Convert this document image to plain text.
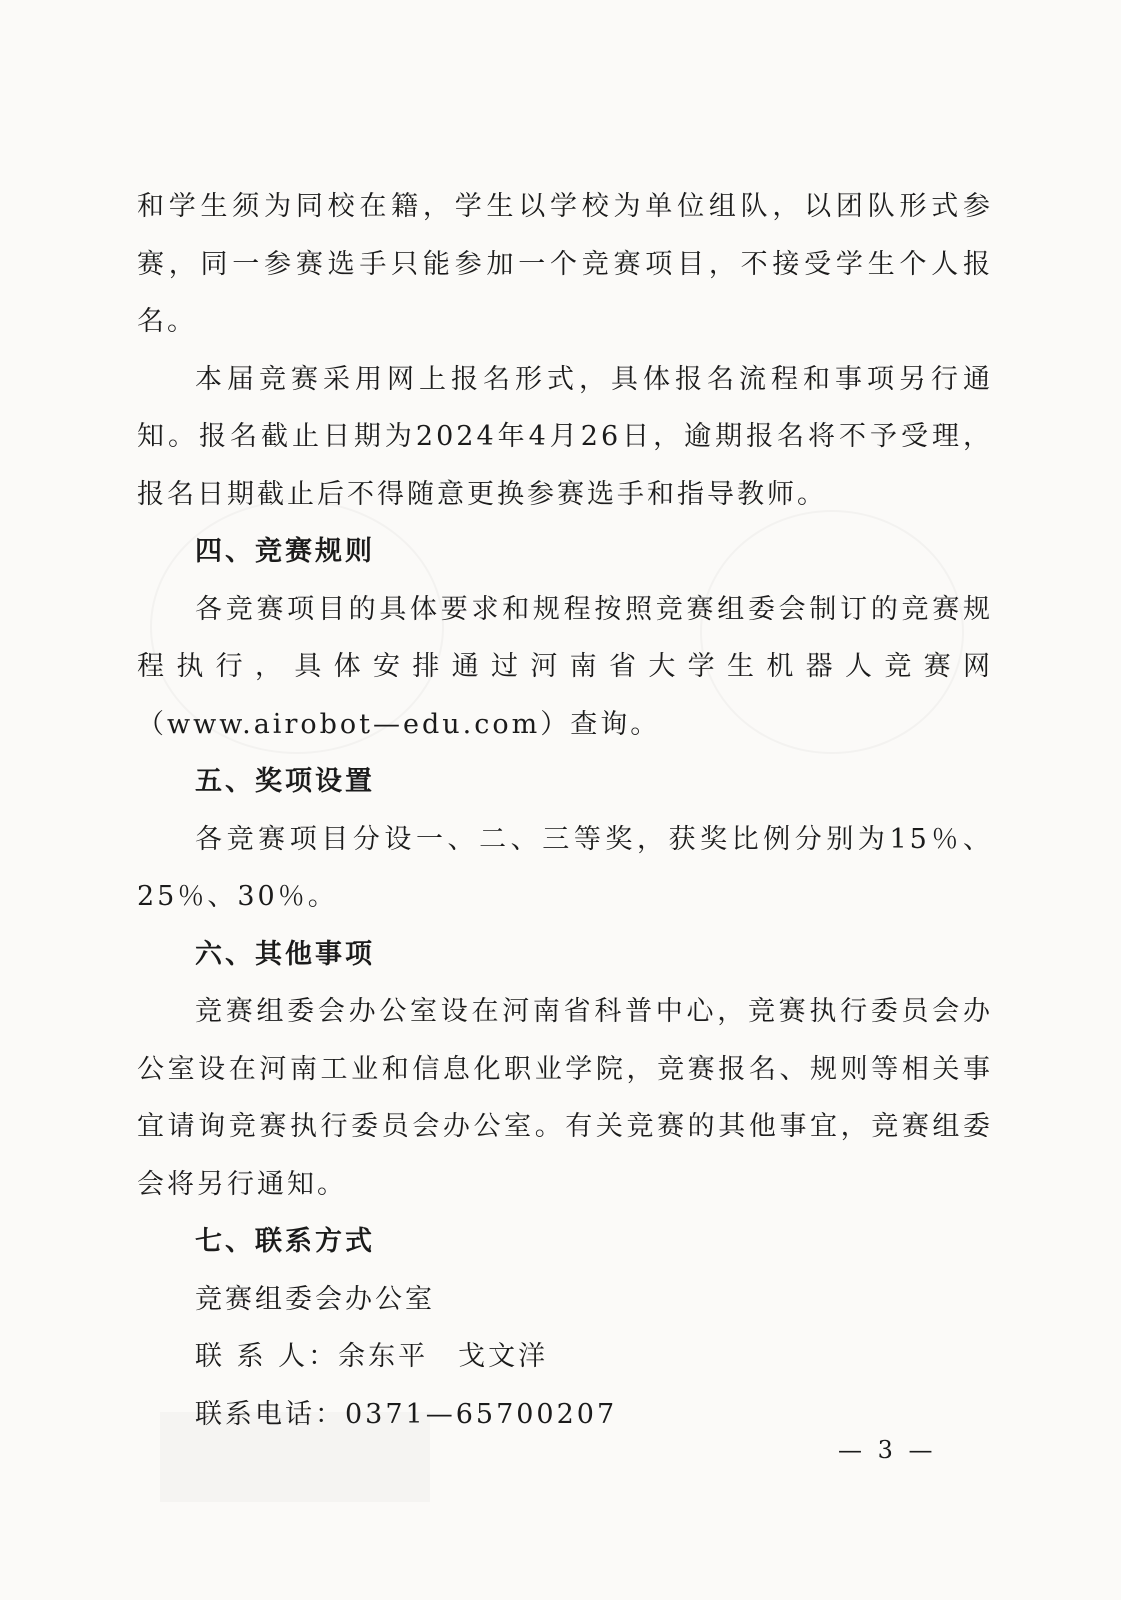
和学生须为同校在籍，学生以学校为单位组队，以团队形式参赛，同一参赛选手只能参加一个竞赛项目，不接受学生个人报名。

本届竞赛采用网上报名形式，具体报名流程和事项另行通知。报名截止日期为2024年4月26日，逾期报名将不予受理，报名日期截止后不得随意更换参赛选手和指导教师。

四、竞赛规则

各竞赛项目的具体要求和规程按照竞赛组委会制订的竞赛规程执行，具体安排通过河南省大学生机器人竞赛网（www.airobot—edu.com）查询。

五、奖项设置

各竞赛项目分设一、二、三等奖，获奖比例分别为15％、25％、30％。

六、其他事项

竞赛组委会办公室设在河南省科普中心，竞赛执行委员会办公室设在河南工业和信息化职业学院，竞赛报名、规则等相关事宜请询竞赛执行委员会办公室。有关竞赛的其他事宜，竞赛组委会将另行通知。

七、联系方式

竞赛组委会办公室

联 系 人：余东平　戈文洋

联系电话：0371—65700207

— 3 —
